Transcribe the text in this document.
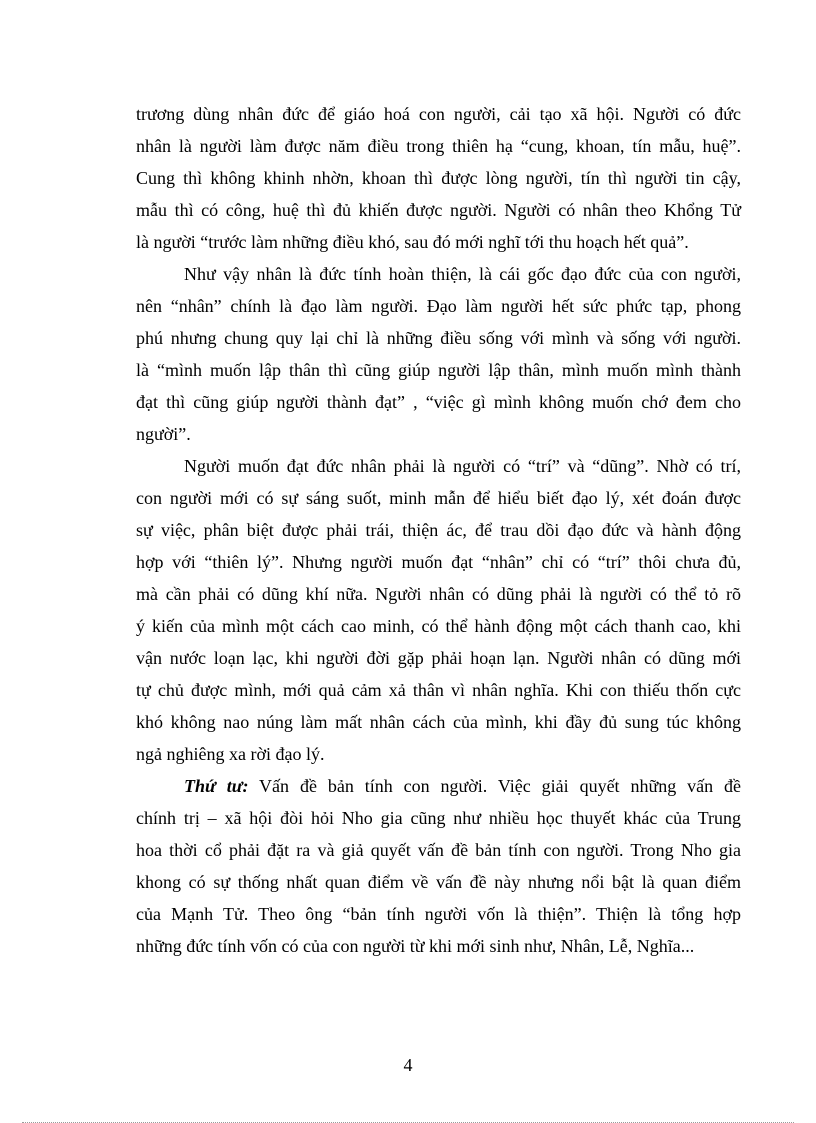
trương dùng nhân đức để giáo hoá con người, cải tạo xã hội. Người có đức
nhân là người làm được năm điều trong thiên hạ “cung, khoan, tín mẫu, huệ”.
Cung thì không khinh nhờn, khoan thì được lòng người, tín thì người tin cậy,
mẫu thì có công, huệ thì đủ khiến được người. Người có nhân theo Khổng Tử
là người “trước làm những điều khó, sau đó mới nghĩ tới thu hoạch hết quả”.
Như vậy nhân là đức tính hoàn thiện, là cái gốc đạo đức của con người,
nên “nhân” chính là đạo làm người. Đạo làm người hết sức phức tạp, phong
phú nhưng chung quy lại chỉ là những điều sống với mình và sống với người.
là “mình muốn lập thân thì cũng giúp người lập thân, mình muốn mình thành
đạt thì cũng giúp người thành đạt” , “việc gì mình không muốn chớ đem cho
người”.
Người muốn đạt đức nhân phải là người có “trí” và “dũng”. Nhờ có trí,
con người mới có sự sáng suốt, minh mẫn để hiểu biết đạo lý, xét đoán được
sự việc, phân biệt được phải trái, thiện ác, để trau dồi đạo đức và hành động
hợp với “thiên lý”. Nhưng người muốn đạt “nhân” chỉ có “trí” thôi chưa đủ,
mà cần phải có dũng khí nữa. Người nhân có dũng phải là người có thể tỏ rõ
ý kiến của mình một cách cao minh, có thể hành động một cách thanh cao, khi
vận nước loạn lạc, khi người đời gặp phải hoạn lạn. Người nhân có dũng mới
tự chủ được mình, mới quả cảm xả thân vì nhân nghĩa. Khi con thiếu thốn cực
khó không nao núng làm mất nhân cách của mình, khi đầy đủ sung túc không
ngả nghiêng xa rời đạo lý.
Thứ tư: Vấn đề bản tính con người. Việc giải quyết những vấn đề
chính trị – xã hội đòi hỏi Nho gia cũng như nhiều học thuyết khác của Trung
hoa thời cổ phải đặt ra và giả quyết vấn đề bản tính con người. Trong Nho gia
khong có sự thống nhất quan điểm về vấn đề này nhưng nổi bật là quan điểm
của Mạnh Tử. Theo ông “bản tính người vốn là thiện”. Thiện là tổng hợp
những đức tính vốn có của con người từ khi mới sinh như, Nhân, Lễ, Nghĩa...
4
